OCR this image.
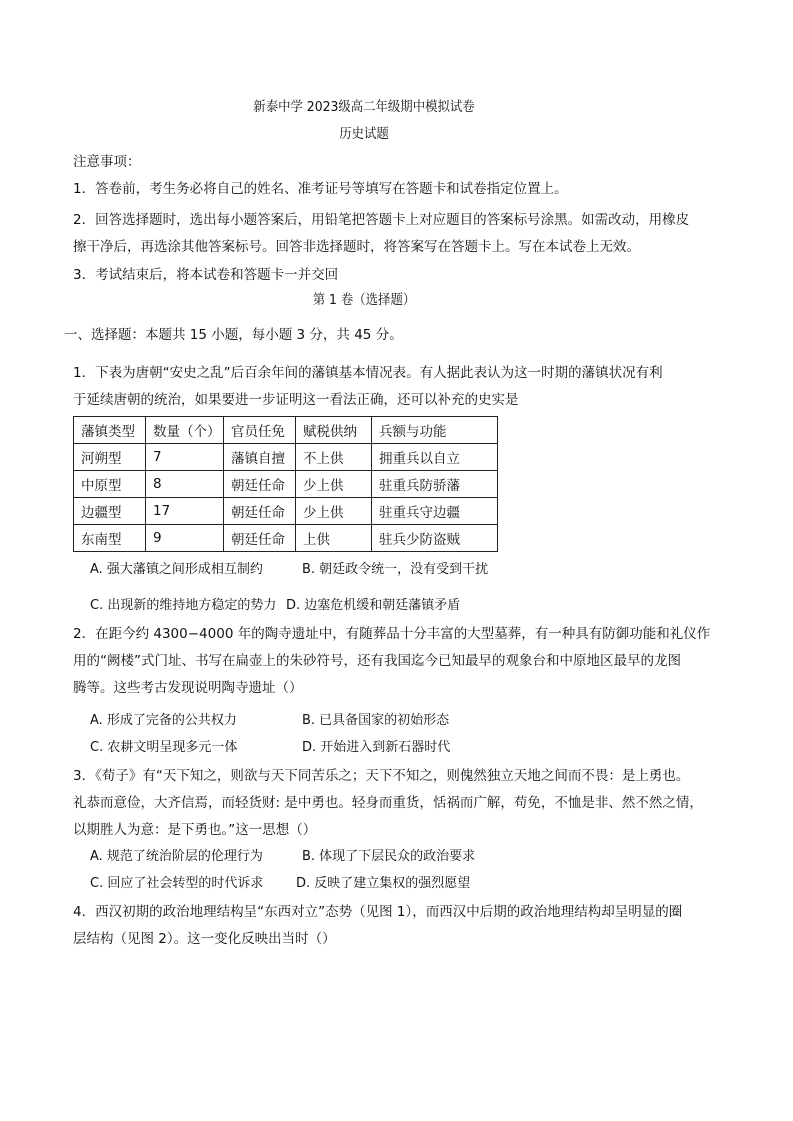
新泰中学 2023级高二年级期中模拟试卷
历史试题
注意事项：
1．答卷前，考生务必将自己的姓名、准考证号等填写在答题卡和试卷指定位置上。
2．回答选择题时，选出每小题答案后，用铅笔把答题卡上对应题目的答案标号涂黑。如需改动，用橡皮
擦干净后，再选涂其他答案标号。回答非选择题时，将答案写在答题卡上。写在本试卷上无效。
3．考试结束后，将本试卷和答题卡一并交回
第 1 卷（选择题）
一、选择题：本题共 15 小题，每小题 3 分，共 45 分。
1．下表为唐朝“安史之乱”后百余年间的藩镇基本情况表。有人据此表认为这一时期的藩镇状况有利
于延续唐朝的统治，如果要进一步证明这一看法正确，还可以补充的史实是
藩镇类型	数量（个）	官员任免	赋税供纳	兵额与功能
河朔型	7	藩镇自擅	不上供	拥重兵以自立
中原型	8	朝廷任命	少上供	驻重兵防骄藩
边疆型	17	朝廷任命	少上供	驻重兵守边疆
东南型	9	朝廷任命	上供	驻兵少防盗贼
A. 强大藩镇之间形成相互制约	B. 朝廷政令统一，没有受到干扰
C. 出现新的维持地方稳定的势力 D. 边塞危机缓和朝廷藩镇矛盾
2．在距今约 4300−4000 年的陶寺遗址中，有随葬品十分丰富的大型墓葬，有一种具有防御功能和礼仪作
用的“阙楼”式门址、书写在扁壶上的朱砂符号，还有我国迄今已知最早的观象台和中原地区最早的龙图
腾等。这些考古发现说明陶寺遗址（）
A. 形成了完备的公共权力	B. 已具备国家的初始形态
C. 农耕文明呈现多元一体	D. 开始进入到新石器时代
3．《荀子》有“天下知之，则欲与天下同苦乐之；天下不知之，则傀然独立天地之间而不畏：是上勇也。
礼恭而意俭，大齐信焉，而轻货财: 是中勇也。轻身而重货，恬祸而广解，苟免，不恤是非、然不然之情，
以期胜人为意：是下勇也。”这一思想（）
A. 规范了统治阶层的伦理行为	B. 体现了下层民众的政治要求
C. 回应了社会转型的时代诉求	D. 反映了建立集权的强烈愿望
4．西汉初期的政治地理结构呈“东西对立”态势（见图 1），而西汉中后期的政治地理结构却呈明显的圈
层结构（见图 2）。这一变化反映出当时（）
